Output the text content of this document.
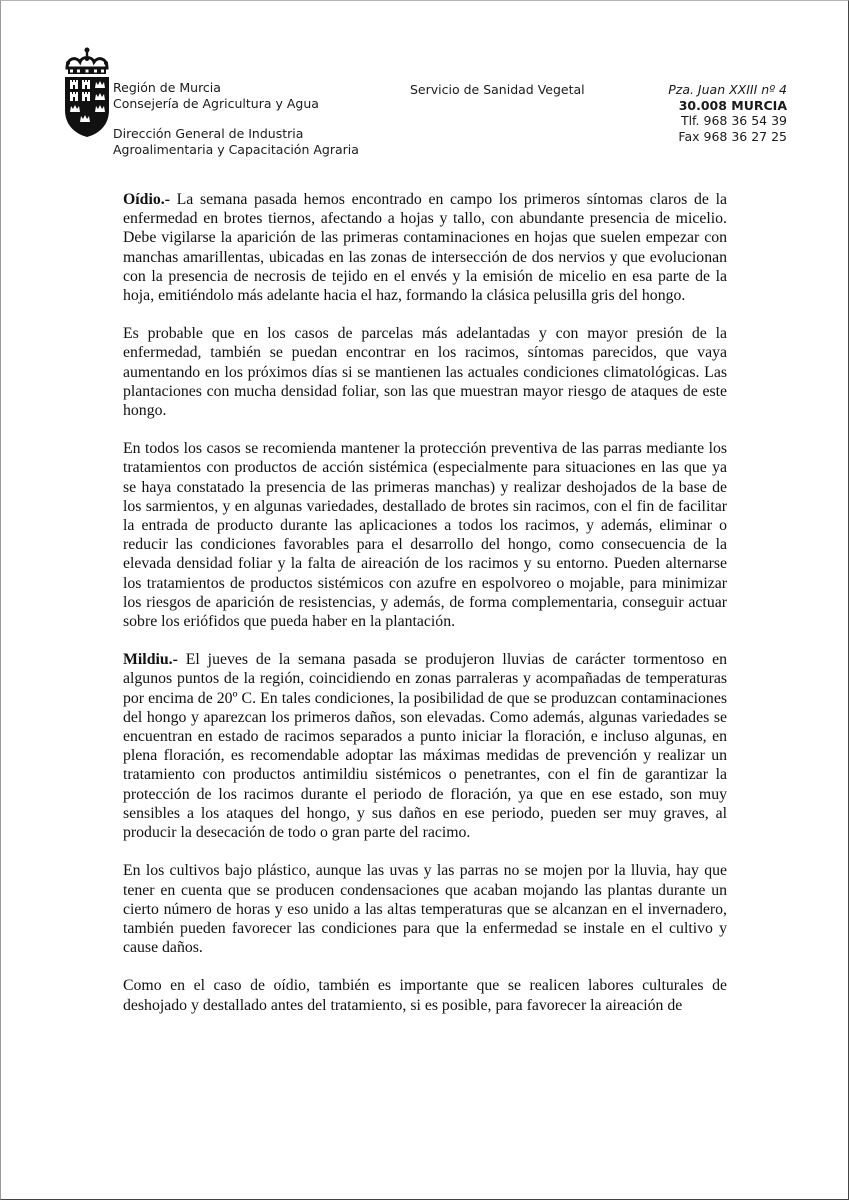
Región de Murcia
Consejería de Agricultura y Agua
Dirección General de Industria
Agroalimentaria y Capacitación Agraria
Servicio de Sanidad Vegetal	Pza. Juan XXIII nº 4
30.008 MURCIA
Tlf. 968 36 54 39
Fax 968 36 27 25

Oídio.- La semana pasada hemos encontrado en campo los primeros síntomas claros de la enfermedad en brotes tiernos, afectando a hojas y tallo, con abundante presencia de micelio. Debe vigilarse la aparición de las primeras contaminaciones en hojas que suelen empezar con manchas amarillentas, ubicadas en las zonas de intersección de dos nervios y que evolucionan con la presencia de necrosis de tejido en el envés y la emisión de micelio en esa parte de la hoja, emitiéndolo más adelante hacia el haz, formando la clásica pelusilla gris del hongo.

Es probable que en los casos de parcelas más adelantadas y con mayor presión de la enfermedad, también se puedan encontrar en los racimos, síntomas parecidos, que vaya aumentando en los próximos días si se mantienen las actuales condiciones climatológicas. Las plantaciones con mucha densidad foliar, son las que muestran mayor riesgo de ataques de este hongo.

En todos los casos se recomienda mantener la protección preventiva de las parras mediante los tratamientos con productos de acción sistémica (especialmente para situaciones en las que ya se haya constatado la presencia de las primeras manchas) y realizar deshojados de la base de los sarmientos, y en algunas variedades, destallado de brotes sin racimos, con el fin de facilitar la entrada de producto durante las aplicaciones a todos los racimos, y además, eliminar o reducir las condiciones favorables para el desarrollo del hongo, como consecuencia de la elevada densidad foliar y la falta de aireación de los racimos y su entorno. Pueden alternarse los tratamientos de productos sistémicos con azufre en espolvoreo o mojable, para minimizar los riesgos de aparición de resistencias, y además, de forma complementaria, conseguir actuar sobre los eriófidos que pueda haber en la plantación.

Mildiu.- El jueves de la semana pasada se produjeron lluvias de carácter tormentoso en algunos puntos de la región, coincidiendo en zonas parraleras y acompañadas de temperaturas por encima de 20º C. En tales condiciones, la posibilidad de que se produzcan contaminaciones del hongo y aparezcan los primeros daños, son elevadas. Como además, algunas variedades se encuentran en estado de racimos separados a punto iniciar la floración, e incluso algunas, en plena floración, es recomendable adoptar las máximas medidas de prevención y realizar un tratamiento con productos antimildiu sistémicos o penetrantes, con el fin de garantizar la protección de los racimos durante el periodo de floración, ya que en ese estado, son muy sensibles a los ataques del hongo, y sus daños en ese periodo, pueden ser muy graves, al producir la desecación de todo o gran parte del racimo.

En los cultivos bajo plástico, aunque las uvas y las parras no se mojen por la lluvia, hay que tener en cuenta que se producen condensaciones que acaban mojando las plantas durante un cierto número de horas y eso unido a las altas temperaturas que se alcanzan en el invernadero, también pueden favorecer las condiciones para que la enfermedad se instale en el cultivo y cause daños.

Como en el caso de oídio, también es importante que se realicen labores culturales de deshojado y destallado antes del tratamiento, si es posible, para favorecer la aireación de
